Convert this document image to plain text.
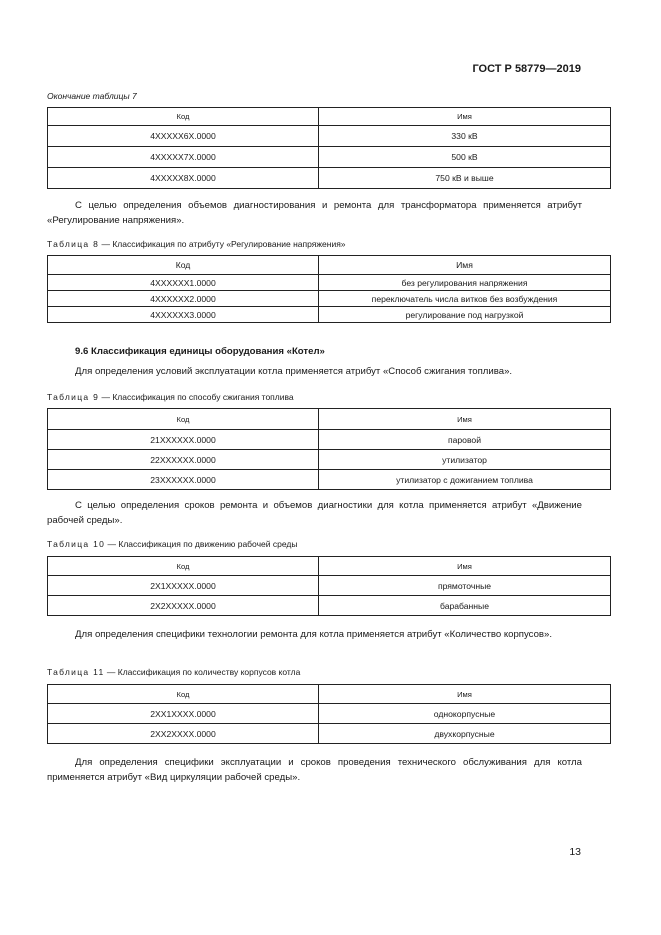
ГОСТ Р 58779—2019
Окончание таблицы 7
Код	Имя
4XXXXX6X.0000	330 кВ
4XXXXX7X.0000	500 кВ
4XXXXX8X.0000	750 кВ и выше
С целью определения объемов диагностирования и ремонта для трансформатора применяется атрибут «Регулирование напряжения».
Таблица 8 — Классификация по атрибуту «Регулирование напряжения»
Код	Имя
4XXXXXX1.0000	без регулирования напряжения
4XXXXXX2.0000	переключатель числа витков без возбуждения
4XXXXXX3.0000	регулирование под нагрузкой
9.6 Классификация единицы оборудования «Котел»
Для определения условий эксплуатации котла применяется атрибут «Способ сжигания топлива».
Таблица 9 — Классификация по способу сжигания топлива
Код	Имя
21XXXXXX.0000	паровой
22XXXXXX.0000	утилизатор
23XXXXXX.0000	утилизатор с дожиганием топлива
С целью определения сроков ремонта и объемов диагностики для котла применяется атрибут «Движение рабочей среды».
Таблица 10 — Классификация по движению рабочей среды
Код	Имя
2X1XXXXX.0000	прямоточные
2X2XXXXX.0000	барабанные
Для определения специфики технологии ремонта для котла применяется атрибут «Количество корпусов».
Таблица 11 — Классификация по количеству корпусов котла
Код	Имя
2XX1XXXX.0000	однокорпусные
2XX2XXXX.0000	двухкорпусные
Для определения специфики эксплуатации и сроков проведения технического обслуживания для котла применяется атрибут «Вид циркуляции рабочей среды».
13
